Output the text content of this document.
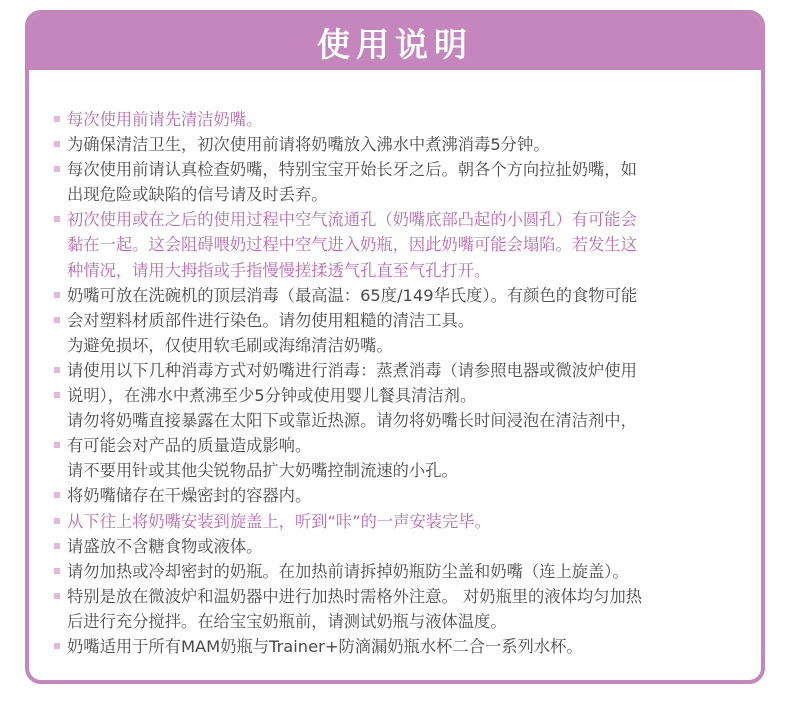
使用说明
每次使用前请先清洁奶嘴。
为确保清洁卫生，初次使用前请将奶嘴放入沸水中煮沸消毒5分钟。
每次使用前请认真检查奶嘴，特别宝宝开始长牙之后。朝各个方向拉扯奶嘴，如
出现危险或缺陷的信号请及时丢弃。
初次使用或在之后的使用过程中空气流通孔（奶嘴底部凸起的小圆孔）有可能会
黏在一起。这会阻碍喂奶过程中空气进入奶瓶，因此奶嘴可能会塌陷。若发生这
种情况，请用大拇指或手指慢慢搓揉透气孔直至气孔打开。
奶嘴可放在洗碗机的顶层消毒（最高温：65度/149华氏度）。有颜色的食物可能
会对塑料材质部件进行染色。请勿使用粗糙的清洁工具。
为避免损坏，仅使用软毛刷或海绵清洁奶嘴。
请使用以下几种消毒方式对奶嘴进行消毒：蒸煮消毒（请参照电器或微波炉使用
说明），在沸水中煮沸至少5分钟或使用婴儿餐具清洁剂。
请勿将奶嘴直接暴露在太阳下或靠近热源。请勿将奶嘴长时间浸泡在清洁剂中，
有可能会对产品的质量造成影响。
请不要用针或其他尖锐物品扩大奶嘴控制流速的小孔。
将奶嘴储存在干燥密封的容器内。
从下往上将奶嘴安装到旋盖上，听到“咔”的一声安装完毕。
请盛放不含糖食物或液体。
请勿加热或冷却密封的奶瓶。在加热前请拆掉奶瓶防尘盖和奶嘴（连上旋盖）。
特别是放在微波炉和温奶器中进行加热时需格外注意。 对奶瓶里的液体均匀加热
后进行充分搅拌。在给宝宝奶瓶前，请测试奶瓶与液体温度。
奶嘴适用于所有MAM奶瓶与Trainer+防滴漏奶瓶水杯二合一系列水杯。
